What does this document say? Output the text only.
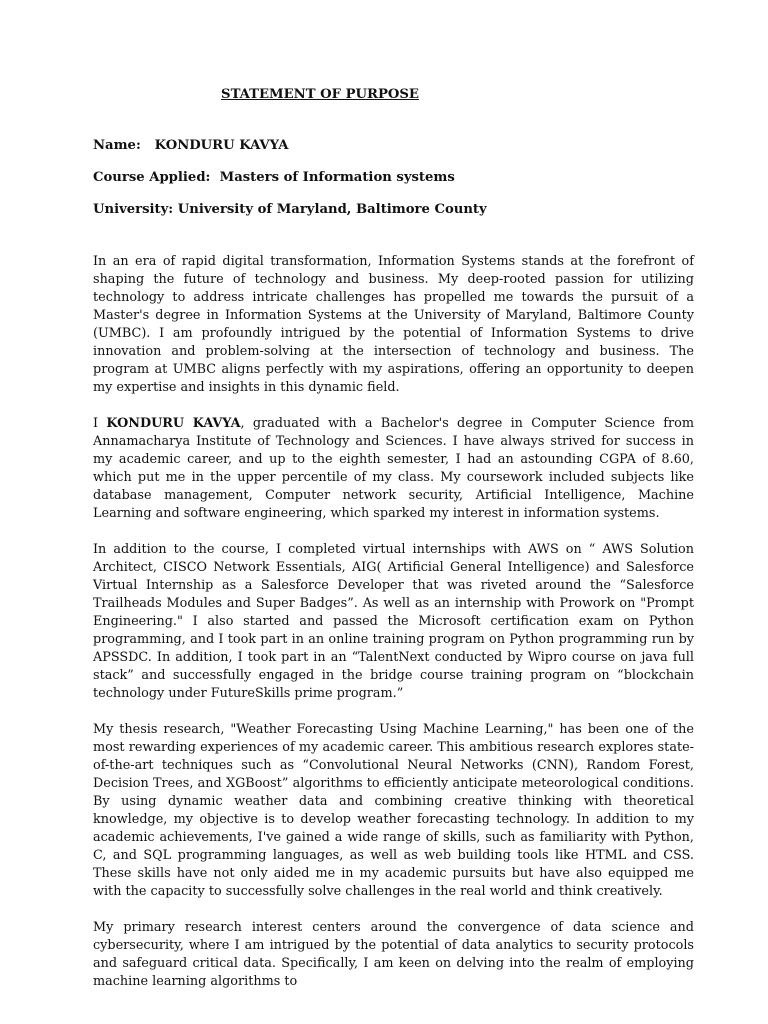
STATEMENT OF PURPOSE
Name:   KONDURU KAVYA
Course Applied:  Masters of Information systems
University: University of Maryland, Baltimore County

In an era of rapid digital transformation, Information Systems stands at the forefront of shaping the future of technology and business. My deep-rooted passion for utilizing technology to address intricate challenges has propelled me towards the pursuit of a Master's degree in Information Systems at the University of Maryland, Baltimore County (UMBC). I am profoundly intrigued by the potential of Information Systems to drive innovation and problem-solving at the intersection of technology and business. The program at UMBC aligns perfectly with my aspirations, offering an opportunity to deepen my expertise and insights in this dynamic field.

I KONDURU KAVYA, graduated with a Bachelor's degree in Computer Science from Annamacharya Institute of Technology and Sciences. I have always strived for success in my academic career, and up to the eighth semester, I had an astounding CGPA of 8.60, which put me in the upper percentile of my class. My coursework included subjects like database management, Computer network security, Artificial Intelligence, Machine Learning and software engineering, which sparked my interest in information systems.

In addition to the course, I completed virtual internships with AWS on “ AWS Solution Architect, CISCO Network Essentials, AIG( Artificial General Intelligence) and Salesforce Virtual Internship as a Salesforce Developer that was riveted around the “Salesforce Trailheads Modules and Super Badges”. As well as an internship with Prowork on "Prompt Engineering." I also started and passed the Microsoft certification exam on Python programming, and I took part in an online training program on Python programming run by APSSDC. In addition, I took part in an “TalentNext conducted by Wipro course on java full stack” and successfully engaged in the bridge course training program on “blockchain technology under FutureSkills prime program.”

My thesis research, "Weather Forecasting Using Machine Learning," has been one of the most rewarding experiences of my academic career. This ambitious research explores state-of-the-art techniques such as “Convolutional Neural Networks (CNN), Random Forest, Decision Trees, and XGBoost” algorithms to efficiently anticipate meteorological conditions. By using dynamic weather data and combining creative thinking with theoretical knowledge, my objective is to develop weather forecasting technology. In addition to my academic achievements, I've gained a wide range of skills, such as familiarity with Python, C, and SQL programming languages, as well as web building tools like HTML and CSS. These skills have not only aided me in my academic pursuits but have also equipped me with the capacity to successfully solve challenges in the real world and think creatively.

My primary research interest centers around the convergence of data science and cybersecurity, where I am intrigued by the potential of data analytics to security protocols and safeguard critical data. Specifically, I am keen on delving into the realm of employing machine learning algorithms to
